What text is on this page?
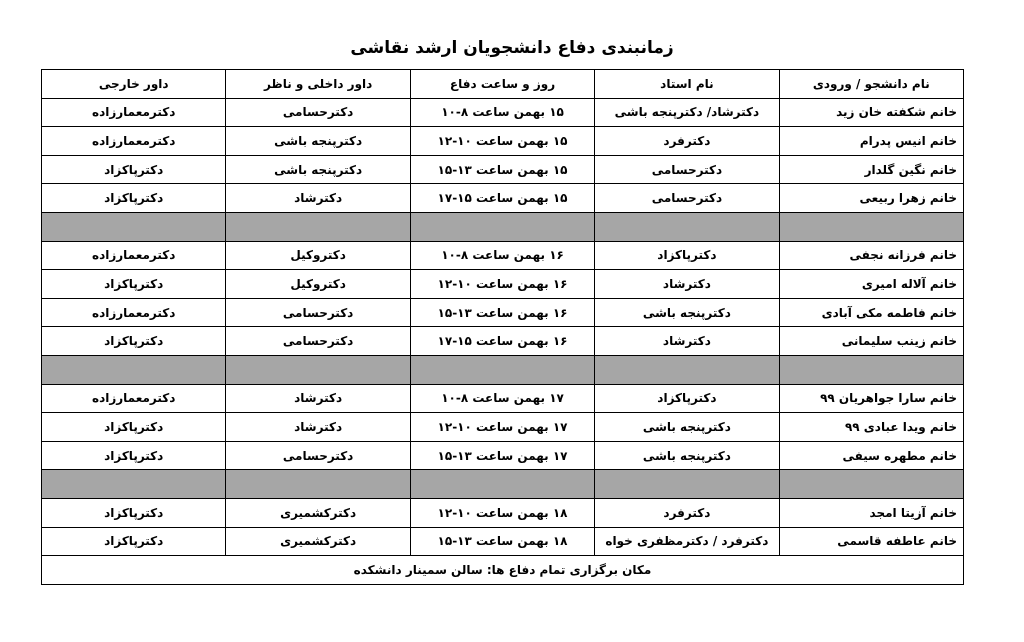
زمانبندی دفاع دانشجویان ارشد نقاشی
نام دانشجو / ورودی	نام استاد	روز و ساعت دفاع	داور داخلی و ناظر	داور خارجی
خانم شکفته خان زید	دکترشاد/ دکترپنجه باشی	۱۵ بهمن ساعت ۸-۱۰	دکترحسامی	دکترمعمارزاده
خانم انیس پدرام	دکترفرد	۱۵ بهمن ساعت ۱۰-۱۲	دکترپنجه باشی	دکترمعمارزاده
خانم نگین گلدار	دکترحسامی	۱۵ بهمن ساعت ۱۳-۱۵	دکترپنجه باشی	دکترپاکزاد
خانم زهرا ربیعی	دکترحسامی	۱۵ بهمن ساعت ۱۵-۱۷	دکترشاد	دکترپاکزاد

خانم فرزانه نجفی	دکترپاکزاد	۱۶ بهمن ساعت ۸-۱۰	دکتروکیل	دکترمعمارزاده
خانم آلاله امیری	دکترشاد	۱۶ بهمن ساعت ۱۰-۱۲	دکتروکیل	دکترپاکزاد
خانم فاطمه مکی آبادی	دکترپنجه باشی	۱۶ بهمن ساعت ۱۳-۱۵	دکترحسامی	دکترمعمارزاده
خانم زینب سلیمانی	دکترشاد	۱۶ بهمن ساعت ۱۵-۱۷	دکترحسامی	دکترپاکزاد

خانم سارا جواهریان ۹۹	دکترپاکزاد	۱۷ بهمن ساعت ۸-۱۰	دکترشاد	دکترمعمارزاده
خانم ویدا عبادی ۹۹	دکترپنجه باشی	۱۷ بهمن ساعت ۱۰-۱۲	دکترشاد	دکترپاکزاد
خانم مطهره سیفی	دکترپنجه باشی	۱۷ بهمن ساعت ۱۳-۱۵	دکترحسامی	دکترپاکزاد

خانم آزیتا امجد	دکترفرد	۱۸ بهمن ساعت ۱۰-۱۲	دکترکشمیری	دکترپاکزاد
خانم عاطفه قاسمی	دکترفرد / دکترمظفری خواه	۱۸ بهمن ساعت ۱۳-۱۵	دکترکشمیری	دکترپاکزاد
مکان برگزاری تمام دفاع ها: سالن سمینار دانشکده				
